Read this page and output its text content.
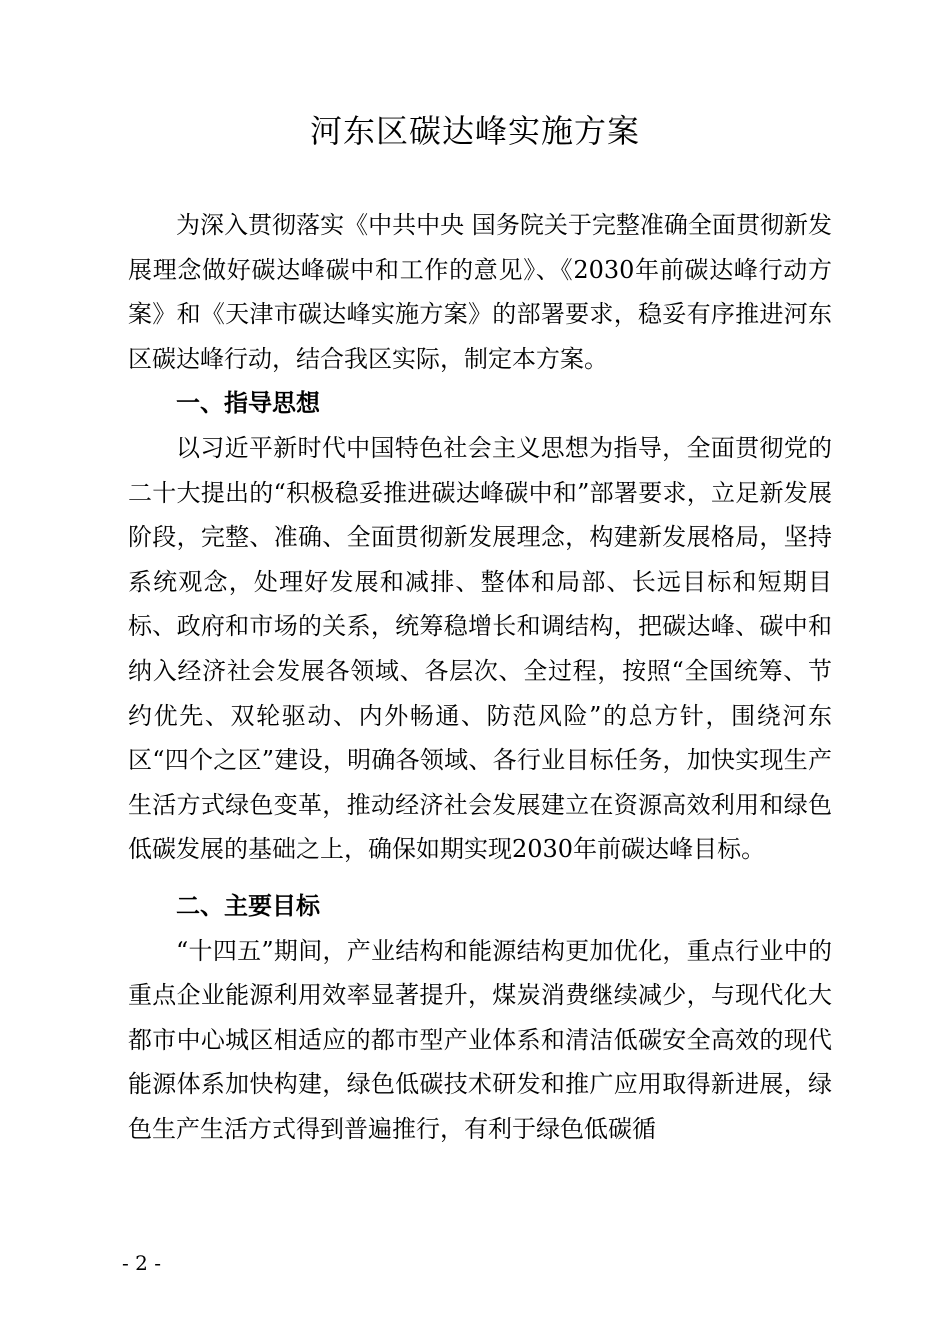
河东区碳达峰实施方案

为深入贯彻落实《中共中央 国务院关于完整准确全面贯彻新发展理念做好碳达峰碳中和工作的意见》、《2030年前碳达峰行动方案》和《天津市碳达峰实施方案》的部署要求，稳妥有序推进河东区碳达峰行动，结合我区实际，制定本方案。

一、指导思想

以习近平新时代中国特色社会主义思想为指导，全面贯彻党的二十大提出的“积极稳妥推进碳达峰碳中和”部署要求，立足新发展阶段，完整、准确、全面贯彻新发展理念，构建新发展格局，坚持系统观念，处理好发展和减排、整体和局部、长远目标和短期目标、政府和市场的关系，统筹稳增长和调结构，把碳达峰、碳中和纳入经济社会发展各领域、各层次、全过程，按照“全国统筹、节约优先、双轮驱动、内外畅通、防范风险”的总方针，围绕河东区“四个之区”建设，明确各领域、各行业目标任务，加快实现生产生活方式绿色变革，推动经济社会发展建立在资源高效利用和绿色低碳发展的基础之上，确保如期实现2030年前碳达峰目标。

二、主要目标

“十四五”期间，产业结构和能源结构更加优化，重点行业中的重点企业能源利用效率显著提升，煤炭消费继续减少，与现代化大都市中心城区相适应的都市型产业体系和清洁低碳安全高效的现代能源体系加快构建，绿色低碳技术研发和推广应用取得新进展，绿色生产生活方式得到普遍推行，有利于绿色低碳循

- 2 -
